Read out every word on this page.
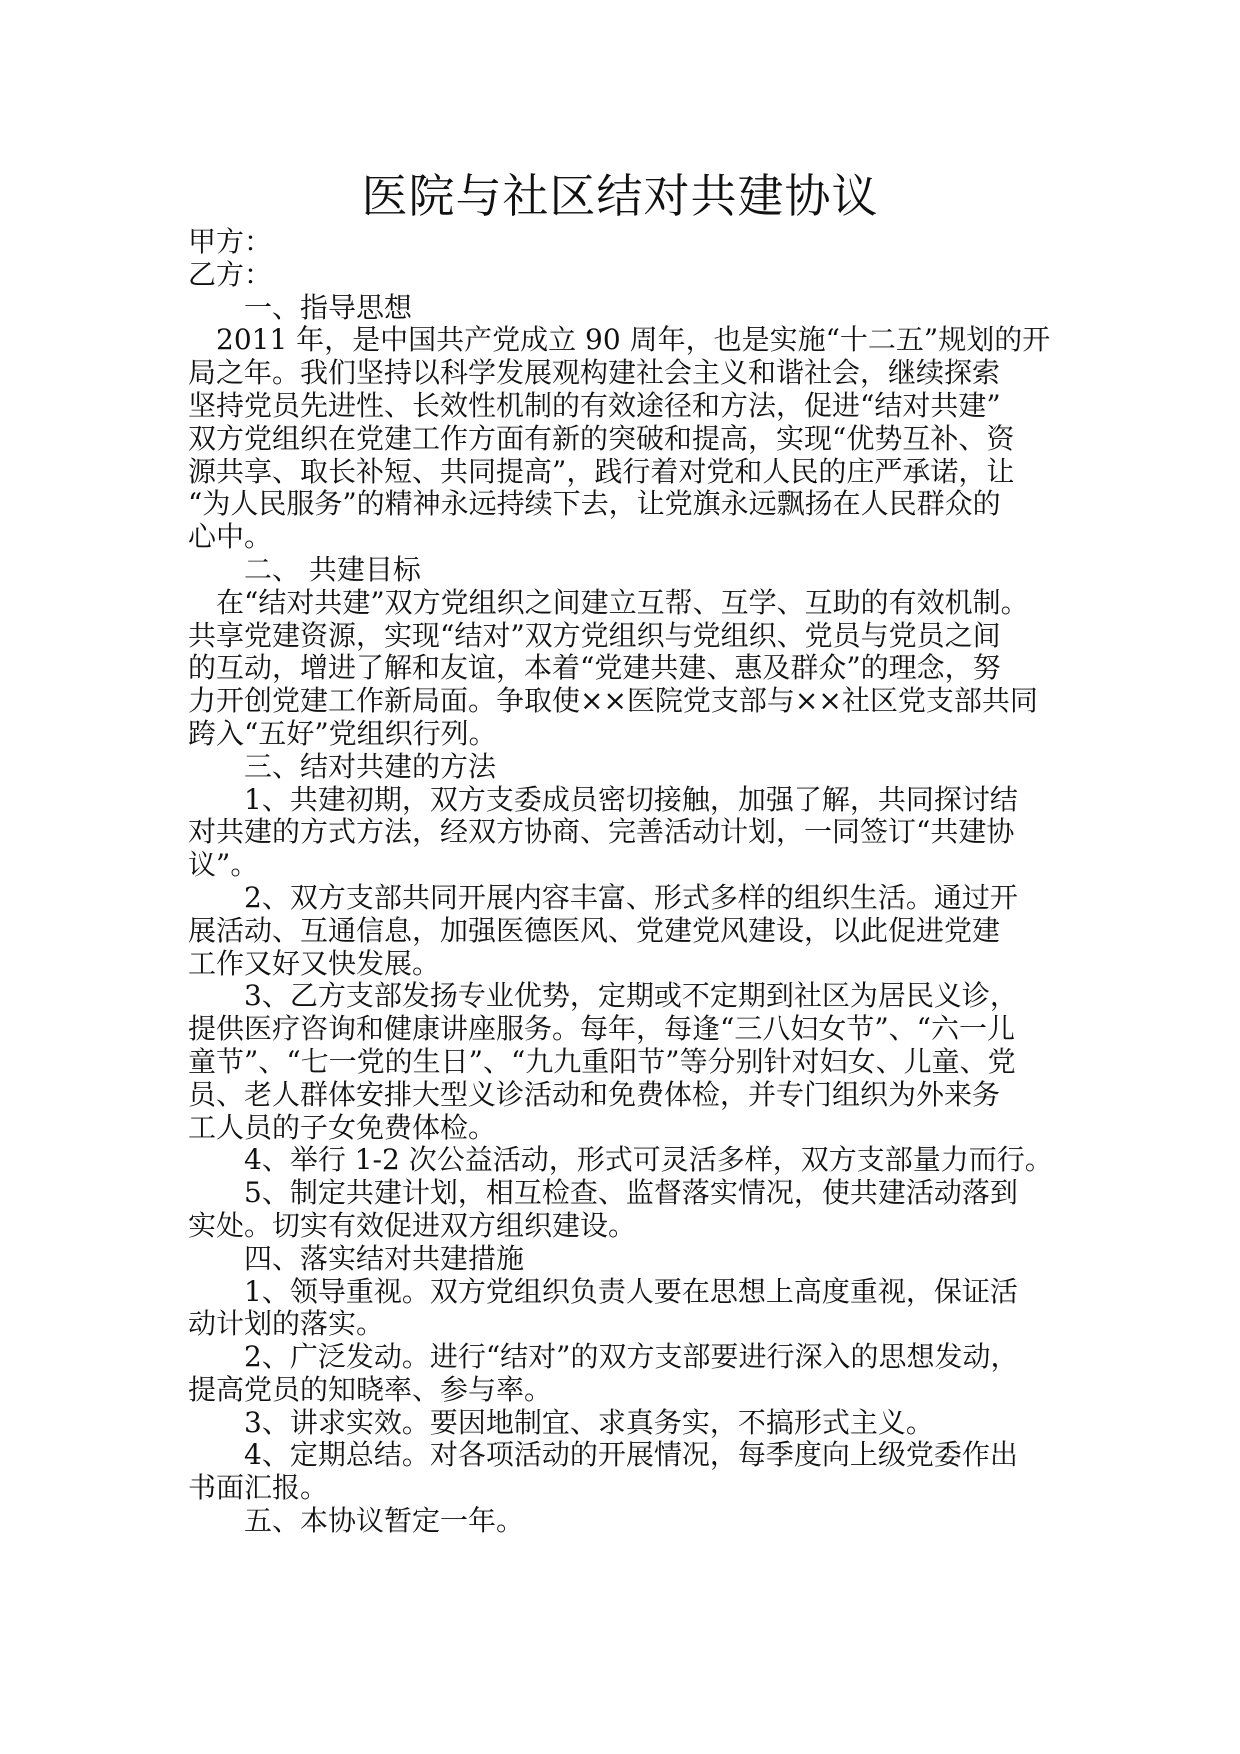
医院与社区结对共建协议
甲方：
乙方：
一、指导思想
2011 年，是中国共产党成立 90 周年，也是实施“十二五”规划的开
局之年。我们坚持以科学发展观构建社会主义和谐社会，继续探索
坚持党员先进性、长效性机制的有效途径和方法，促进“结对共建”
双方党组织在党建工作方面有新的突破和提高，实现“优势互补、资
源共享、取长补短、共同提高”，践行着对党和人民的庄严承诺，让
“为人民服务”的精神永远持续下去，让党旗永远飘扬在人民群众的
心中。
二、 共建目标
在“结对共建”双方党组织之间建立互帮、互学、互助的有效机制。
共享党建资源，实现“结对”双方党组织与党组织、党员与党员之间
的互动，增进了解和友谊，本着“党建共建、惠及群众”的理念，努
力开创党建工作新局面。争取使××医院党支部与××社区党支部共同
跨入“五好”党组织行列。
三、结对共建的方法
1、共建初期，双方支委成员密切接触，加强了解，共同探讨结
对共建的方式方法，经双方协商、完善活动计划，一同签订“共建协
议”。
2、双方支部共同开展内容丰富、形式多样的组织生活。通过开
展活动、互通信息，加强医德医风、党建党风建设，以此促进党建
工作又好又快发展。
3、乙方支部发扬专业优势，定期或不定期到社区为居民义诊，
提供医疗咨询和健康讲座服务。每年，每逢“三八妇女节”、“六一儿
童节”、“七一党的生日”、“九九重阳节”等分别针对妇女、儿童、党
员、老人群体安排大型义诊活动和免费体检，并专门组织为外来务
工人员的子女免费体检。
4、举行 1-2 次公益活动，形式可灵活多样，双方支部量力而行。
5、制定共建计划，相互检查、监督落实情况，使共建活动落到
实处。切实有效促进双方组织建设。
四、落实结对共建措施
1、领导重视。双方党组织负责人要在思想上高度重视，保证活
动计划的落实。
2、广泛发动。进行“结对”的双方支部要进行深入的思想发动，
提高党员的知晓率、参与率。
3、讲求实效。要因地制宜、求真务实，不搞形式主义。
4、定期总结。对各项活动的开展情况，每季度向上级党委作出
书面汇报。
五、本协议暂定一年。
